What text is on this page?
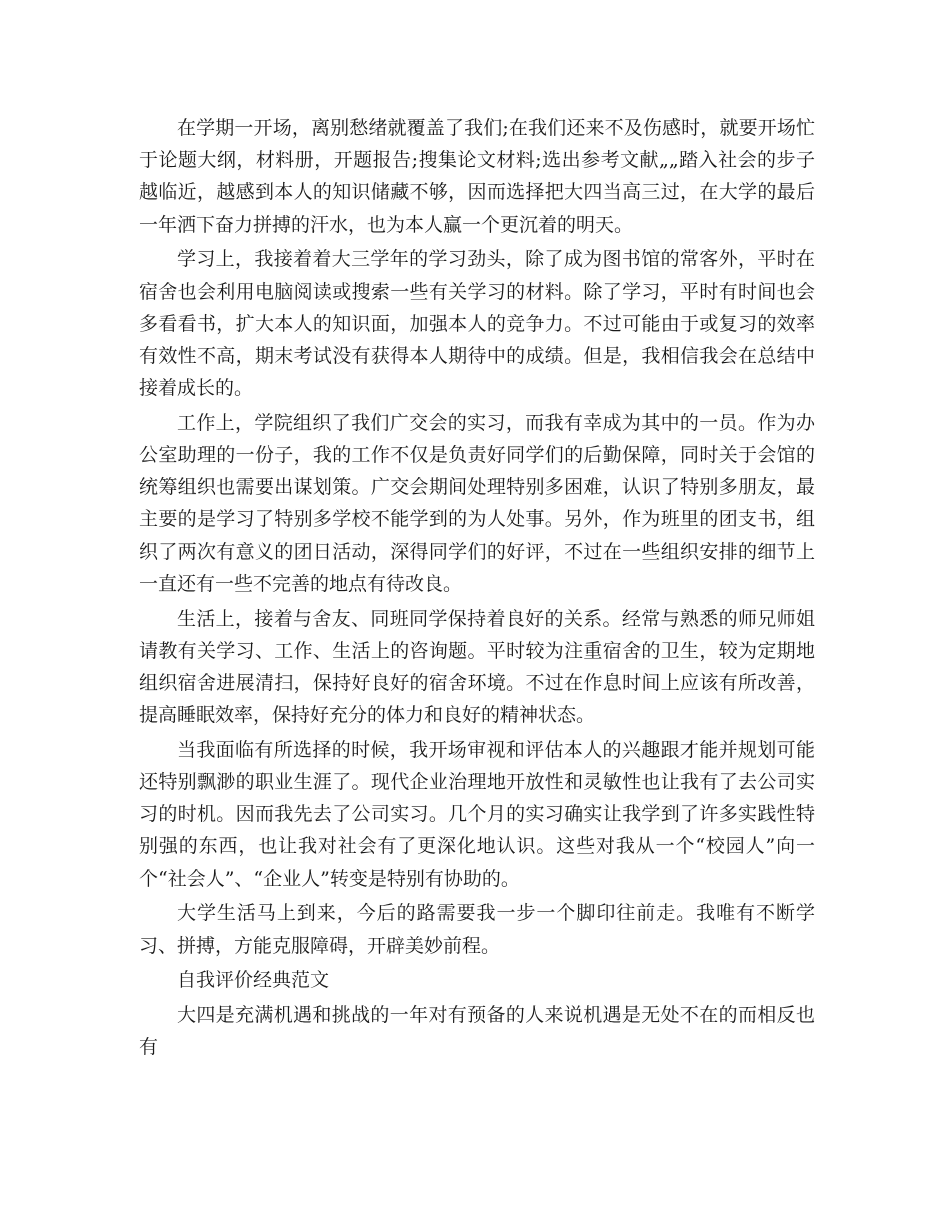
在学期一开场，离别愁绪就覆盖了我们;在我们还来不及伤感时，就要开场忙于论题大纲，材料册，开题报告;搜集论文材料;选出参考文献„„踏入社会的步子越临近，越感到本人的知识储藏不够，因而选择把大四当高三过，在大学的最后一年洒下奋力拼搏的汗水，也为本人赢一个更沉着的明天。

学习上，我接着着大三学年的学习劲头，除了成为图书馆的常客外，平时在宿舍也会利用电脑阅读或搜索一些有关学习的材料。除了学习，平时有时间也会多看看书，扩大本人的知识面，加强本人的竞争力。不过可能由于或复习的效率有效性不高，期末考试没有获得本人期待中的成绩。但是，我相信我会在总结中接着成长的。

工作上，学院组织了我们广交会的实习，而我有幸成为其中的一员。作为办公室助理的一份子，我的工作不仅是负责好同学们的后勤保障，同时关于会馆的统筹组织也需要出谋划策。广交会期间处理特别多困难，认识了特别多朋友，最主要的是学习了特别多学校不能学到的为人处事。另外，作为班里的团支书，组织了两次有意义的团日活动，深得同学们的好评，不过在一些组织安排的细节上一直还有一些不完善的地点有待改良。

生活上，接着与舍友、同班同学保持着良好的关系。经常与熟悉的师兄师姐请教有关学习、工作、生活上的咨询题。平时较为注重宿舍的卫生，较为定期地组织宿舍进展清扫，保持好良好的宿舍环境。不过在作息时间上应该有所改善，提高睡眠效率，保持好充分的体力和良好的精神状态。

当我面临有所选择的时候，我开场审视和评估本人的兴趣跟才能并规划可能还特别飘渺的职业生涯了。现代企业治理地开放性和灵敏性也让我有了去公司实习的时机。因而我先去了公司实习。几个月的实习确实让我学到了许多实践性特别强的东西，也让我对社会有了更深化地认识。这些对我从一个“校园人”向一个“社会人”、“企业人”转变是特别有协助的。

大学生活马上到来，今后的路需要我一步一个脚印往前走。我唯有不断学习、拼搏，方能克服障碍，开辟美妙前程。

自我评价经典范文

大四是充满机遇和挑战的一年对有预备的人来说机遇是无处不在的而相反也有
